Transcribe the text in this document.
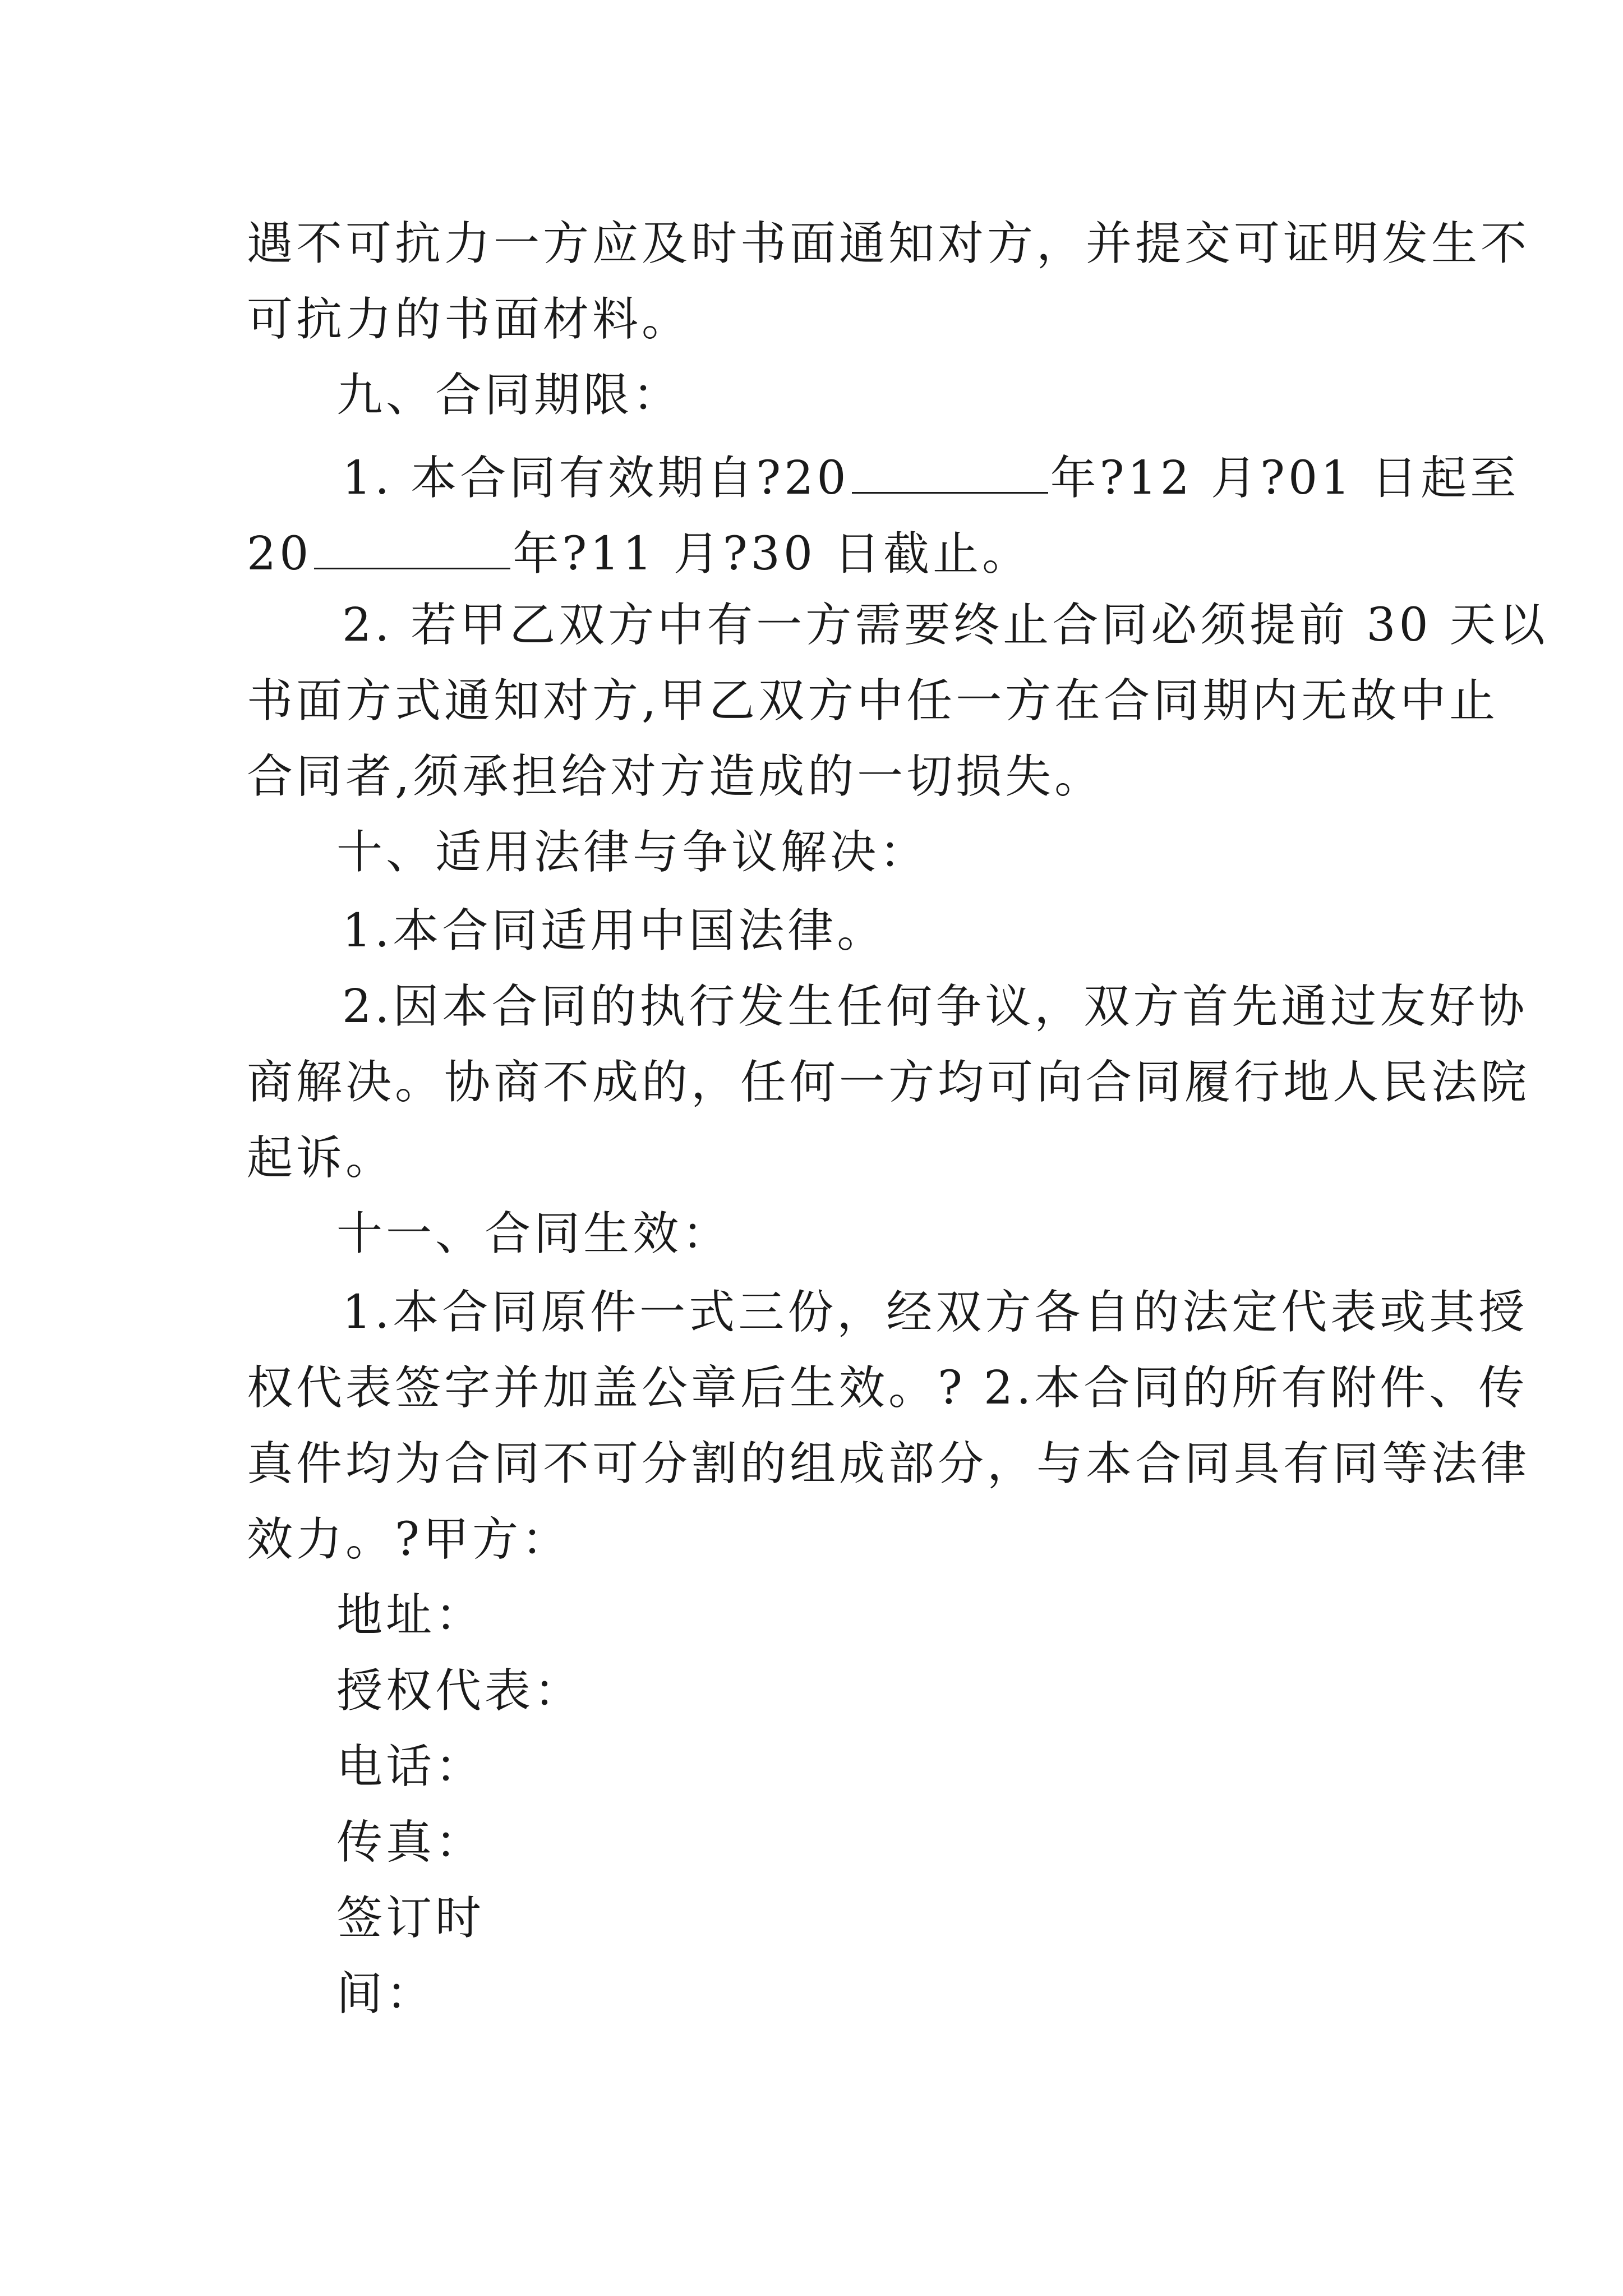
遇不可抗力一方应及时书面通知对方，并提交可证明发生不
可抗力的书面材料。
九、合同期限：
1. 本合同有效期自?20	年?12 月?01 日起至
20	年?11 月?30 日截止。
2. 若甲乙双方中有一方需要终止合同必须提前 30 天以
书面方式通知对方,甲乙双方中任一方在合同期内无故中止
合同者,须承担给对方造成的一切损失。
十、适用法律与争议解决：
1.本合同适用中国法律。
2.因本合同的执行发生任何争议，双方首先通过友好协
商解决。协商不成的，任何一方均可向合同履行地人民法院
起诉。
十一、合同生效：
1.本合同原件一式三份，经双方各自的法定代表或其授
权代表签字并加盖公章后生效。? 2.本合同的所有附件、传
真件均为合同不可分割的组成部分，与本合同具有同等法律
效力。?甲方：
地址：
授权代表：
电话：
传真：
签订时
间：
